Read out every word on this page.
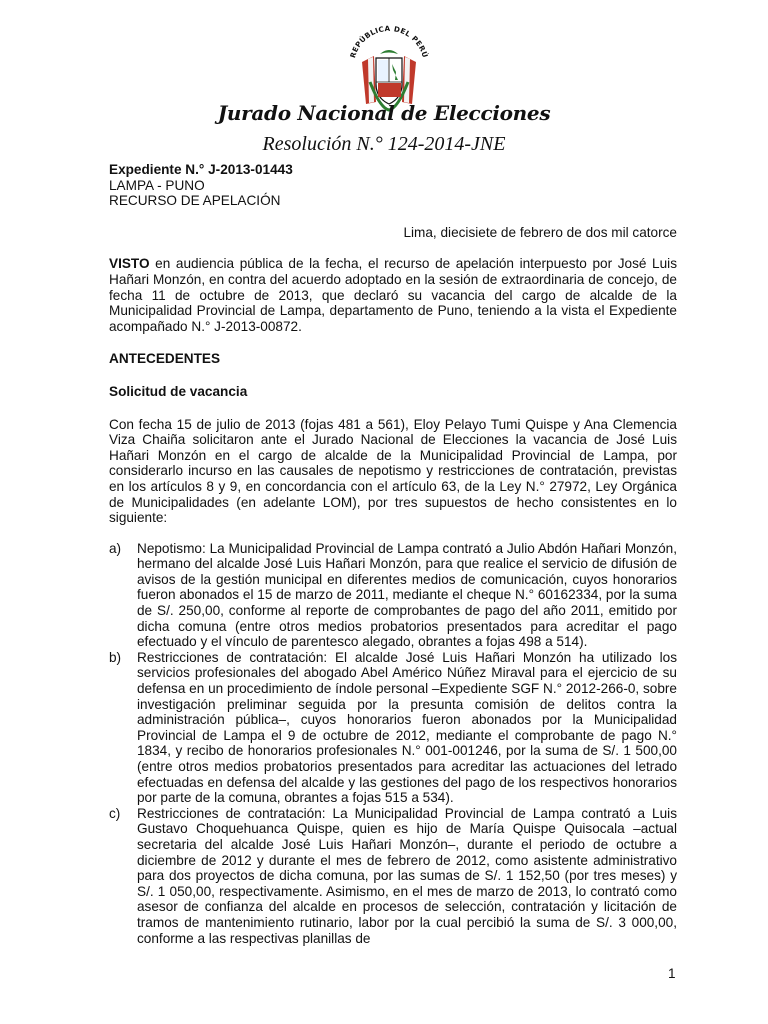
REPÚBLICA DEL PERÚ
Jurado Nacional de Elecciones
Resolución N.° 124-2014-JNE

Expediente N.° J-2013-01443

LAMPA - PUNO

RECURSO DE APELACIÓN

Lima, diecisiete de febrero de dos mil catorce

VISTO en audiencia pública de la fecha, el recurso de apelación interpuesto por José Luis Hañari Monzón, en contra del acuerdo adoptado en la sesión de extraordinaria de concejo, de fecha 11 de octubre de 2013, que declaró su vacancia del cargo de alcalde de la Municipalidad Provincial de Lampa, departamento de Puno, teniendo a la vista el Expediente acompañado N.° J-2013-00872.

ANTECEDENTES

Solicitud de vacancia

Con fecha 15 de julio de 2013 (fojas 481 a 561), Eloy Pelayo Tumi Quispe y Ana Clemencia Viza Chaiña solicitaron ante el Jurado Nacional de Elecciones la vacancia de José Luis Hañari Monzón en el cargo de alcalde de la Municipalidad Provincial de Lampa, por considerarlo incurso en las causales de nepotismo y restricciones de contratación, previstas en los artículos 8 y 9, en concordancia con el artículo 63, de la Ley N.° 27972, Ley Orgánica de Municipalidades (en adelante LOM), por tres supuestos de hecho consistentes en lo siguiente:

a)	Nepotismo: La Municipalidad Provincial de Lampa contrató a Julio Abdón Hañari Monzón, hermano del alcalde José Luis Hañari Monzón, para que realice el servicio de difusión de avisos de la gestión municipal en diferentes medios de comunicación, cuyos honorarios fueron abonados el 15 de marzo de 2011, mediante el cheque N.° 60162334, por la suma de S/. 250,00, conforme al reporte de comprobantes de pago del año 2011, emitido por dicha comuna (entre otros medios probatorios presentados para acreditar el pago efectuado y el vínculo de parentesco alegado, obrantes a fojas 498 a 514).
b)	Restricciones de contratación: El alcalde José Luis Hañari Monzón ha utilizado los servicios profesionales del abogado Abel Américo Núñez Miraval para el ejercicio de su defensa en un procedimiento de índole personal –Expediente SGF N.° 2012-266-0, sobre investigación preliminar seguida por la presunta comisión de delitos contra la administración pública–, cuyos honorarios fueron abonados por la Municipalidad Provincial de Lampa el 9 de octubre de 2012, mediante el comprobante de pago N.° 1834, y recibo de honorarios profesionales N.° 001-001246, por la suma de S/. 1 500,00 (entre otros medios probatorios presentados para acreditar las actuaciones del letrado efectuadas en defensa del alcalde y las gestiones del pago de los respectivos honorarios por parte de la comuna, obrantes a fojas 515 a 534).
c)	Restricciones de contratación: La Municipalidad Provincial de Lampa contrató a Luis Gustavo Choquehuanca Quispe, quien es hijo de María Quispe Quisocala –actual secretaria del alcalde José Luis Hañari Monzón–, durante el periodo de octubre a diciembre de 2012 y durante el mes de febrero de 2012, como asistente administrativo para dos proyectos de dicha comuna, por las sumas de S/. 1 152,50 (por tres meses) y S/. 1 050,00, respectivamente. Asimismo, en el mes de marzo de 2013, lo contrató como asesor de confianza del alcalde en procesos de selección, contratación y licitación de tramos de mantenimiento rutinario, labor por la cual percibió la suma de S/. 3 000,00, conforme a las respectivas planillas de
1
